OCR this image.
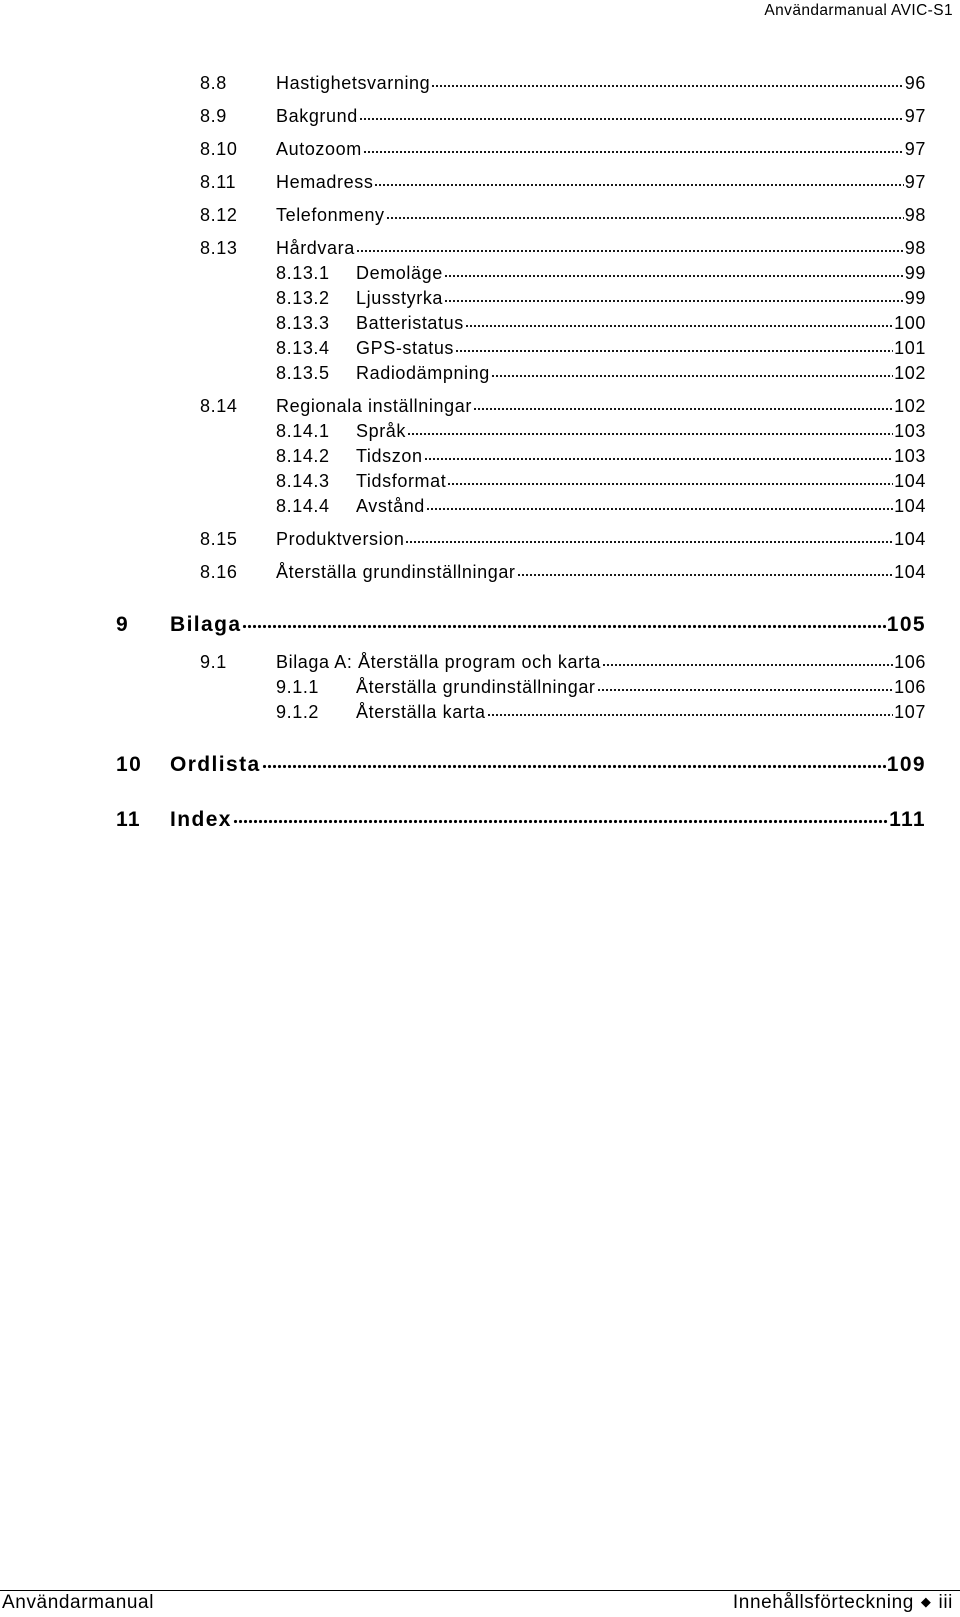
Användarmanual AVIC-S1
8.8	Hastighetsvarning	96
8.9	Bakgrund	97
8.10	Autozoom	97
8.11	Hemadress	97
8.12	Telefonmeny	98
8.13	Hårdvara	98
8.13.1	Demoläge	99
8.13.2	Ljusstyrka	99
8.13.3	Batteristatus	100
8.13.4	GPS-status	101
8.13.5	Radiodämpning	102
8.14	Regionala inställningar	102
8.14.1	Språk	103
8.14.2	Tidszon	103
8.14.3	Tidsformat	104
8.14.4	Avstånd	104
8.15	Produktversion	104
8.16	Återställa grundinställningar	104
9	Bilaga	105
9.1	Bilaga A: Återställa program och karta	106
9.1.1	Återställa grundinställningar	106
9.1.2	Återställa karta	107
10	Ordlista	109
11	Index	111
Användarmanual	Innehållsförteckning ◆ iii
